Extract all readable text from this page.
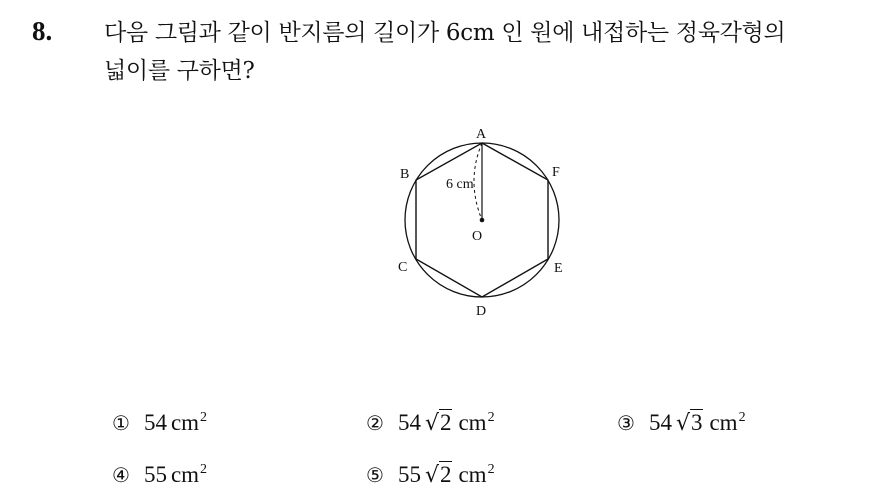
8. 다음 그림과 같이 반지름의 길이가 6cm 인 원에 내접하는 정육각형의
넓이를 구하면?
A
B
C
D
E
F
O
6 cm
① 54 $cm^2$	② 54 √2 $cm^2$	③ 54 √3 $cm^2$
④ 55 $cm^2$	⑤ 55 √2 $cm^2$
